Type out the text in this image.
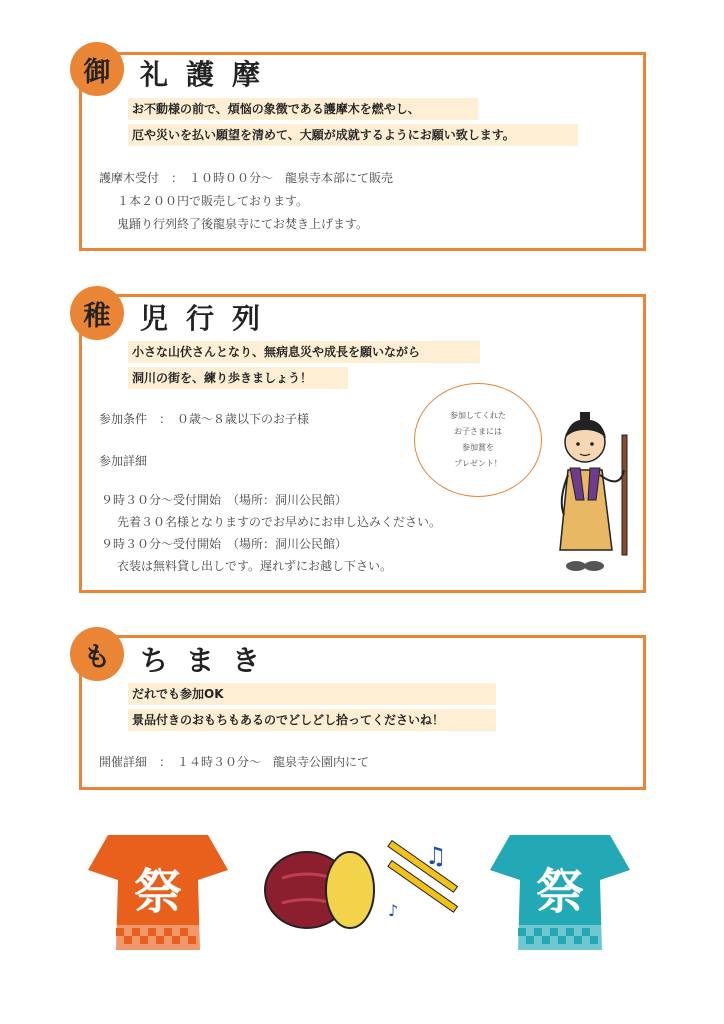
御	礼護摩
お不動様の前で、煩悩の象徴である護摩木を燃やし、
厄や災いを払い願望を清めて、大願が成就するようにお願い致します。
護摩木受付　：　１０時００分〜　龍泉寺本部にて販売
１本２００円で販売しております。
鬼踊り行列終了後龍泉寺にてお焚き上げます。
稚	児行列
小さな山伏さんとなり、無病息災や成長を願いながら
洞川の街を、練り歩きましょう！
参加条件　：　０歳〜８歳以下のお子様
参加詳細
９時３０分〜受付開始　（場所：洞川公民館）
先着３０名様となりますのでお早めにお申し込みください。
９時３０分〜受付開始　（場所：洞川公民館）
衣装は無料貸し出しです。遅れずにお越し下さい。
参加してくれた
お子さまには
参加賞を
プレゼント！
も	ちまき
だれでも参加OK
景品付きのおもちもあるのでどしどし拾ってくださいね！
開催詳細　：　１４時３０分〜　龍泉寺公園内にて
祭
♫
♪	祭
